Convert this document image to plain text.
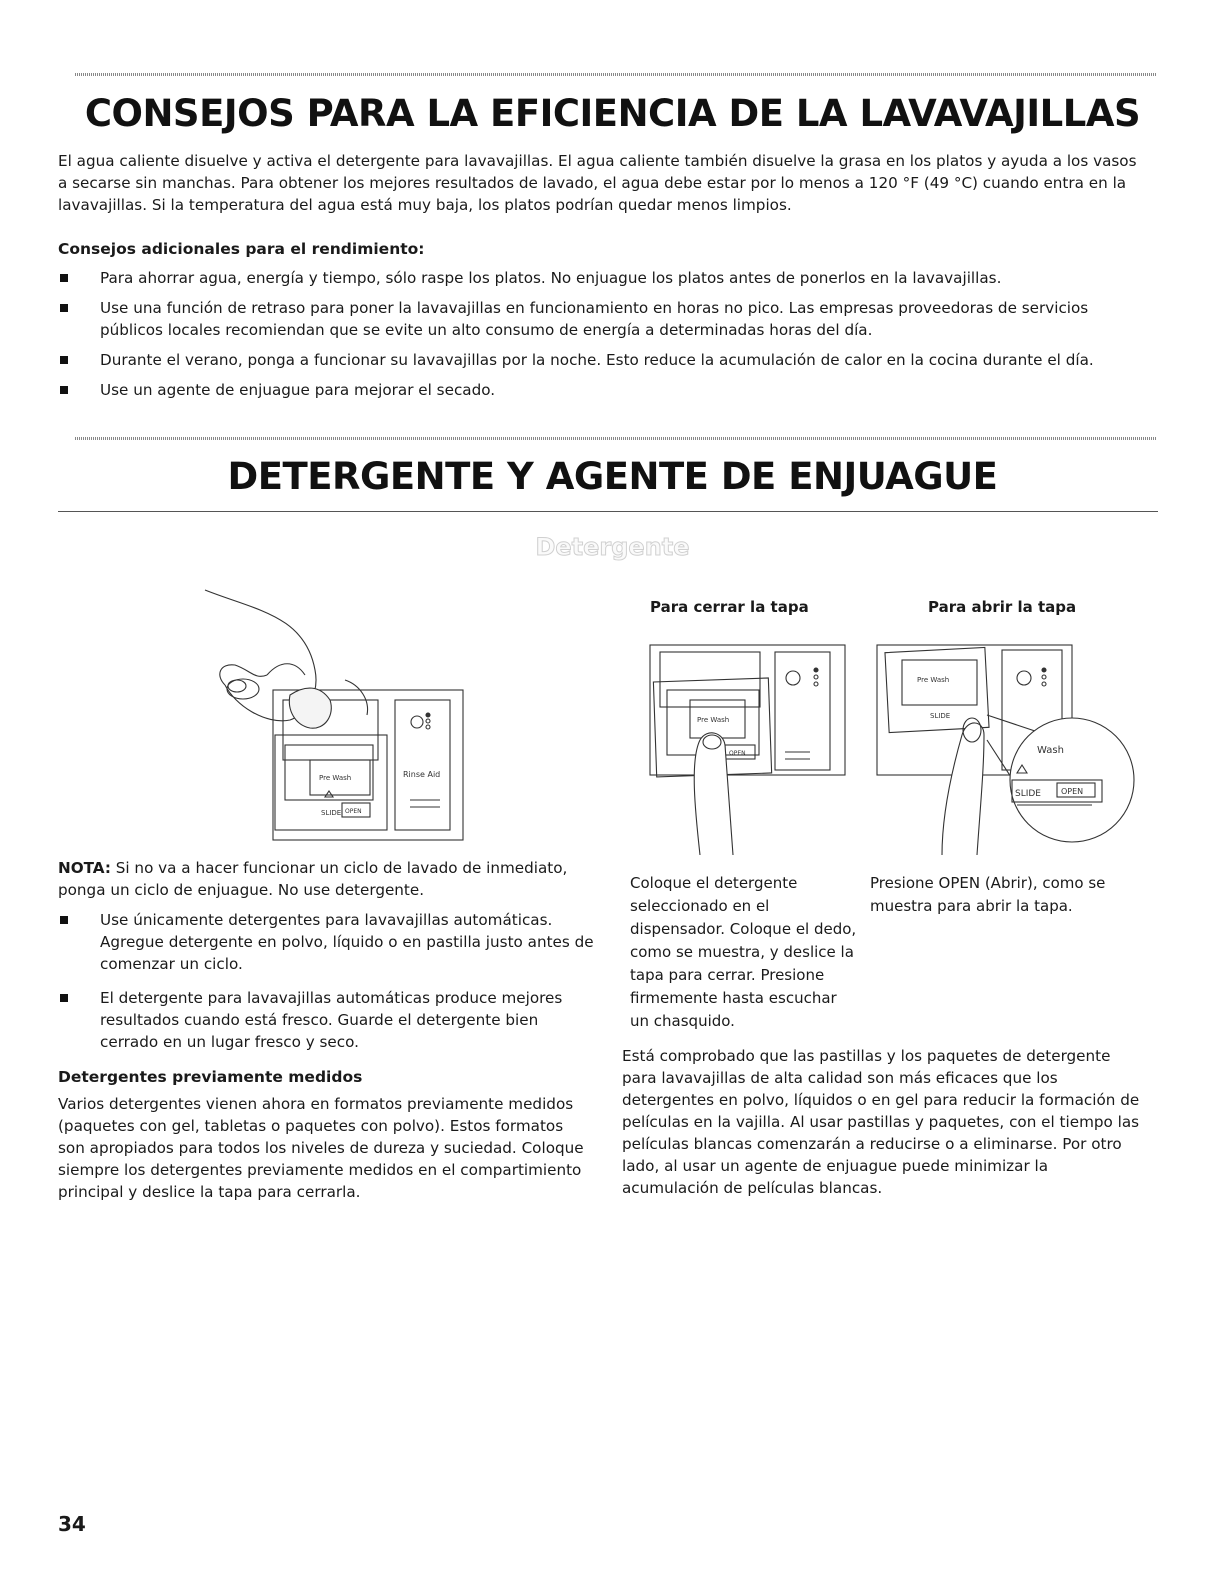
CONSEJOS PARA LA EFICIENCIA DE LA LAVAVAJILLAS

El agua caliente disuelve y activa el detergente para lavavajillas. El agua caliente también disuelve la grasa en los platos y ayuda a los vasos a secarse sin manchas. Para obtener los mejores resultados de lavado, el agua debe estar por lo menos a 120 °F (49 °C) cuando entra en la lavavajillas. Si la temperatura del agua está muy baja, los platos podrían quedar menos limpios.

Consejos adicionales para el rendimiento:

Para ahorrar agua, energía y tiempo, sólo raspe los platos. No enjuague los platos antes de ponerlos en la lavavajillas.
Use una función de retraso para poner la lavavajillas en funcionamiento en horas no pico. Las empresas proveedoras de servicios públicos locales recomiendan que se evite un alto consumo de energía a determinadas horas del día.
Durante el verano, ponga a funcionar su lavavajillas por la noche. Esto reduce la acumulación de calor en la cocina durante el día.
Use un agente de enjuague para mejorar el secado.
DETERGENTE Y AGENTE DE ENJUAGUE
Detergente
Rinse Aid
Pre Wash
SLIDE OPEN

Para cerrar la tapa

Pre Wash
OPEN

Coloque el detergente seleccionado en el dispensador. Coloque el dedo, como se muestra, y deslice la tapa para cerrar. Presione firmemente hasta escuchar un chasquido.

Para abrir la tapa

Pre Wash
SLIDE
Wash
SLIDE	OPEN

Presione OPEN (Abrir), como se muestra para abrir la tapa.

NOTA: Si no va a hacer funcionar un ciclo de lavado de inmediato, ponga un ciclo de enjuague. No use detergente.

Use únicamente detergentes para lavavajillas automáticas. Agregue detergente en polvo, líquido o en pastilla justo antes de comenzar un ciclo.
El detergente para lavavajillas automáticas produce mejores resultados cuando está fresco. Guarde el detergente bien cerrado en un lugar fresco y seco.

Detergentes previamente medidos

Varios detergentes vienen ahora en formatos previamente medidos (paquetes con gel, tabletas o paquetes con polvo). Estos formatos son apropiados para todos los niveles de dureza y suciedad. Coloque siempre los detergentes previamente medidos en el compartimiento principal y deslice la tapa para cerrarla.

Está comprobado que las pastillas y los paquetes de detergente para lavavajillas de alta calidad son más eficaces que los detergentes en polvo, líquidos o en gel para reducir la formación de películas en la vajilla. Al usar pastillas y paquetes, con el tiempo las películas blancas comenzarán a reducirse o a eliminarse. Por otro lado, al usar un agente de enjuague puede minimizar la acumulación de películas blancas.

34
